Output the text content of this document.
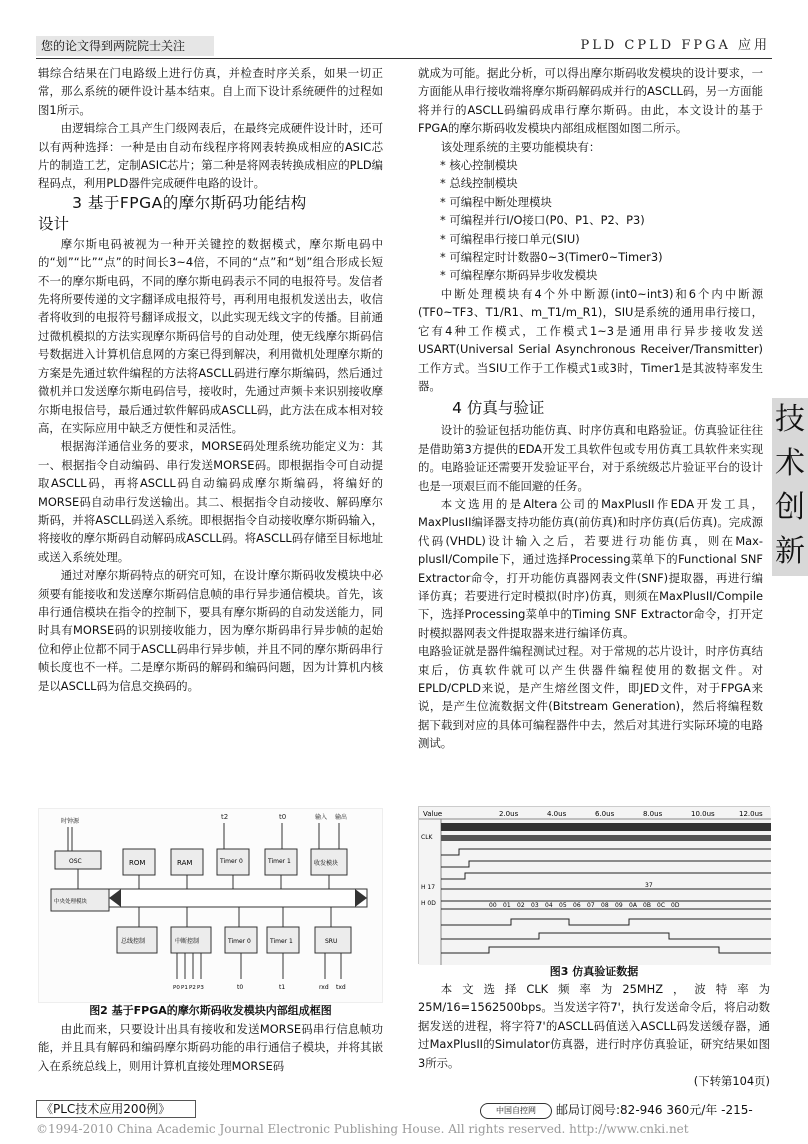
您的论文得到两院院士关注	PLD CPLD FPGA 应用

辑综合结果在门电路级上进行仿真，并检查时序关系，如果一切正常，那么系统的硬件设计基本结束。自上而下设计系统硬件的过程如图1所示。

由逻辑综合工具产生门级网表后，在最终完成硬件设计时，还可以有两种选择：一种是由自动布线程序将网表转换成相应的ASIC芯片的制造工艺，定制ASIC芯片；第二种是将网表转换成相应的PLD编程码点，利用PLD器件完成硬件电路的设计。

3 基于FPGA的摩尔斯码功能结构

设计

摩尔斯电码被视为一种开关键控的数据模式，摩尔斯电码中的“划”“比”“点”的时间长3~4倍，不同的“点”和“划”组合形成长短不一的摩尔斯电码，不同的摩尔斯电码表示不同的电报符号。发信者先将所要传递的文字翻译成电报符号，再利用电报机发送出去，收信者将收到的电报符号翻译成报文，以此实现无线文字的传播。目前通过微机模拟的方法实现摩尔斯码信号的自动处理，使无线摩尔斯码信号数据进入计算机信息网的方案已得到解决，利用微机处理摩尔斯的方案是先通过软件编程的方法将ASCLL码进行摩尔斯编码，然后通过微机并口发送摩尔斯电码信号，接收时，先通过声频卡来识别接收摩尔斯电报信号，最后通过软件解码成ASCLL码，此方法在成本相对较高，在实际应用中缺乏方便性和灵活性。

根据海洋通信业务的要求，MORSE码处理系统功能定义为：其一、根据指令自动编码、串行发送MORSE码。即根据指令可自动提取ASCLL码，再将ASCLL码自动编码成摩尔斯编码，将编好的MORSE码自动串行发送输出。其二、根据指令自动接收、解码摩尔斯码，并将ASCLL码送入系统。即根据指令自动接收摩尔斯码输入，将接收的摩尔斯码自动解码成ASCLL码。将ASCLL码存储至目标地址或送入系统处理。

通过对摩尔斯码特点的研究可知，在设计摩尔斯码收发模块中必须要有能接收和发送摩尔斯码信息帧的串行异步通信模块。首先，该串行通信模块在指令的控制下，要具有摩尔斯码的自动发送能力，同时具有MORSE码的识别接收能力，因为摩尔斯码串行异步帧的起始位和停止位都不同于ASCLL码串行异步帧，并且不同的摩尔斯码串行帧长度也不一样。二是摩尔斯码的解码和编码问题，因为计算机内核是以ASCLL码为信息交换码的。

时钟源
t2	t0	输入 输出
ROM	RAM	Timer 0	Timer 1	收发模块
OSC
中央处理模块
总线控制	中断控制	Timer 0	Timer 1	SRU
P0 P1 P2 P3	t0	t1	rxd txd
图2 基于FPGA的摩尔斯码收发模块内部组成框图

由此而来，只要设计出具有接收和发送MORSE码串行信息帧功能，并且具有解码和编码摩尔斯码功能的串行通信子模块，并将其嵌入在系统总线上，则用计算机直接处理MORSE码

就成为可能。据此分析，可以得出摩尔斯码收发模块的设计要求，一方面能从串行接收端将摩尔斯码解码成并行的ASCLL码，另一方面能将并行的ASCLL码编码成串行摩尔斯码。由此，本文设计的基于FPGA的摩尔斯码收发模块内部组成框图如图二所示。

该处理系统的主要功能模块有：

* 核心控制模块

* 总线控制模块

* 可编程中断处理模块

* 可编程并行I/O接口(P0、P1、P2、P3)

* 可编程串行接口单元(SIU)

* 可编程定时计数器0~3(Timer0~Timer3)

* 可编程摩尔斯码异步收发模块

中断处理模块有4个外中断源(int0~int3)和6个内中断源(TF0~TF3、T1/R1、m_T1/m_R1)，SIU是系统的通用串行接口，它有4种工作模式，工作模式1~3是通用串行异步接收发送USART(Universal Serial Asynchronous Receiver/Transmitter)工作方式。当SIU工作于工作模式1或3时，Timer1是其波特率发生器。

4 仿真与验证

设计的验证包括功能仿真、时序仿真和电路验证。仿真验证往往是借助第3方提供的EDA开发工具软件包或专用仿真工具软件来实现的。电路验证还需要开发验证平台，对于系统级芯片验证平台的设计也是一项艰巨而不能回避的任务。

本文选用的是Altera公司的MaxPlusII作EDA开发工具，MaxPlusII编译器支持功能仿真(前仿真)和时序仿真(后仿真)。完成源代码(VHDL)设计输入之后，若要进行功能仿真，则在Max-plusII/Compile下，通过选择Processing菜单下的Functional SNF Extractor命令，打开功能仿真器网表文件(SNF)提取器，再进行编译仿真；若要进行定时模拟(时序)仿真，则须在MaxPlusII/Compile下，选择Processing菜单中的Timing SNF Extractor命令，打开定时模拟器网表文件提取器来进行编译仿真。

电路验证就是器件编程测试过程。对于常规的芯片设计，时序仿真结束后，仿真软件就可以产生供器件编程使用的数据文件。对EPLD/CPLD来说，是产生熔丝图文件，即JED文件，对于FPGA来说，是产生位流数据文件(Bitstream Generation)，然后将编程数据下载到对应的具体可编程器件中去，然后对其进行实际环境的电路测试。

技
术
创
新
Value	2.0us	4.0us	6.0us	8.0us	10.0us	12.0us
CLK
H 17
H 0D
37
00 01 02 03 04 05 06 07 08 09 0A 0B 0C 0D
图3 仿真验证数据

本文选择CLK频率为25MHZ，波特率为25M/16=1562500bps。当发送字符7'，执行发送命令后，将启动数据发送的进程，将字符7'的ASCLL码值送入ASCLL码发送缓存器，通过MaxPlusII的Simulator仿真器，进行时序仿真验证，研究结果如图3所示。

(下转第104页)

《PLC技术应用200例》	中国自控网 邮局订阅号:82-946 360元/年 -215-
©1994-2010 China Academic Journal Electronic Publishing House. All rights reserved. http://www.cnki.net
